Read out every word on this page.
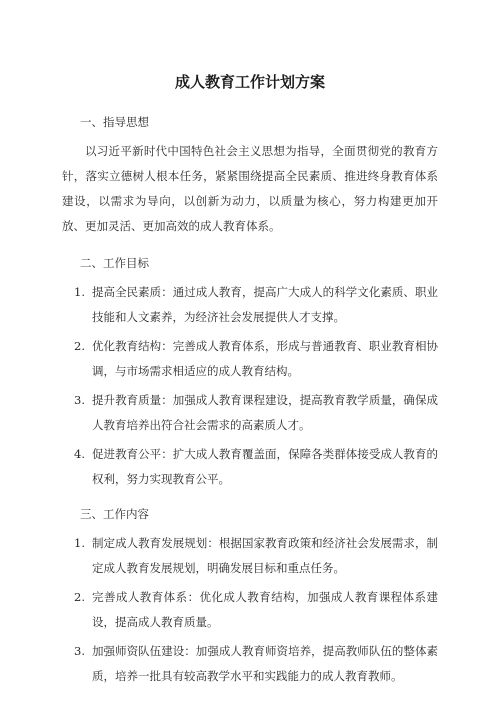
成人教育工作计划方案
一、指导思想

以习近平新时代中国特色社会主义思想为指导，全面贯彻党的教育方针，落实立德树人根本任务，紧紧围绕提高全民素质、推进终身教育体系建设，以需求为导向，以创新为动力，以质量为核心，努力构建更加开放、更加灵活、更加高效的成人教育体系。

二、工作目标
1. 提高全民素质：通过成人教育，提高广大成人的科学文化素质、职业技能和人文素养，为经济社会发展提供人才支撑。
2. 优化教育结构：完善成人教育体系，形成与普通教育、职业教育相协调，与市场需求相适应的成人教育结构。
3. 提升教育质量：加强成人教育课程建设，提高教育教学质量，确保成人教育培养出符合社会需求的高素质人才。
4. 促进教育公平：扩大成人教育覆盖面，保障各类群体接受成人教育的权利，努力实现教育公平。
三、工作内容
1. 制定成人教育发展规划：根据国家教育政策和经济社会发展需求，制定成人教育发展规划，明确发展目标和重点任务。
2. 完善成人教育体系：优化成人教育结构，加强成人教育课程体系建设，提高成人教育质量。
3. 加强师资队伍建设：加强成人教育师资培养，提高教师队伍的整体素质，培养一批具有较高教学水平和实践能力的成人教育教师。
